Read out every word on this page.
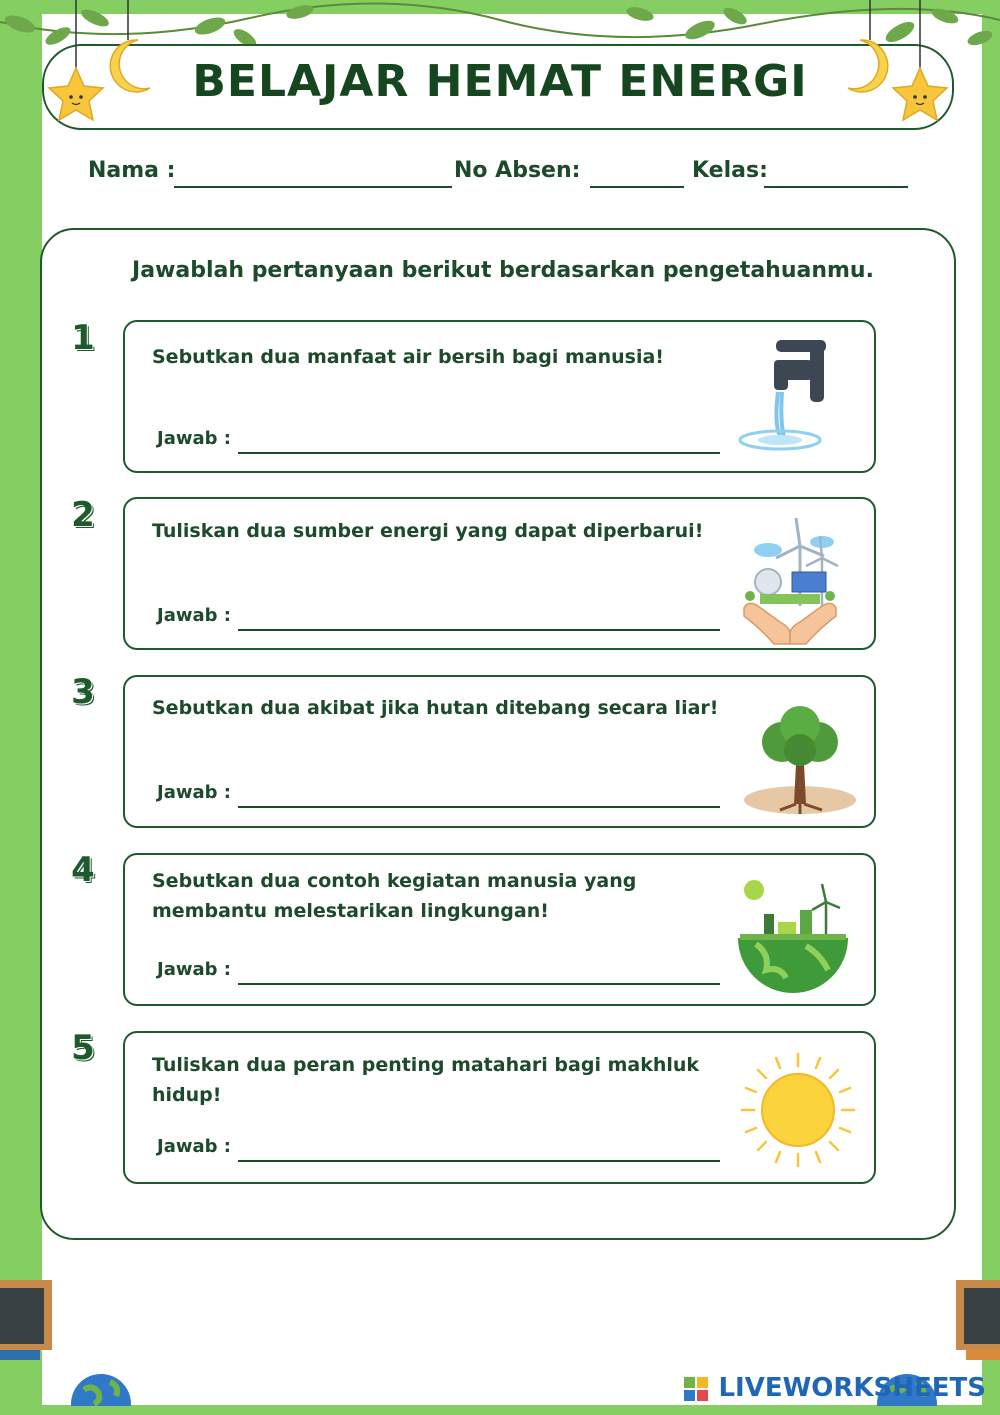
BELAJAR HEMAT ENERGI
Nama :	No Absen:	Kelas:
Jawablah pertanyaan berikut berdasarkan pengetahuanmu.
1	Sebutkan dua manfaat air bersih bagi manusia!
Jawab :
2	Tuliskan dua sumber energi yang dapat diperbarui!
Jawab :
3	Sebutkan dua akibat jika hutan ditebang secara liar!
Jawab :
4	Sebutkan dua contoh kegiatan manusia yang
membantu melestarikan lingkungan!
Jawab :
5	Tuliskan dua peran penting matahari bagi makhluk
hidup!
Jawab :
LIVEWORKSHEETS
